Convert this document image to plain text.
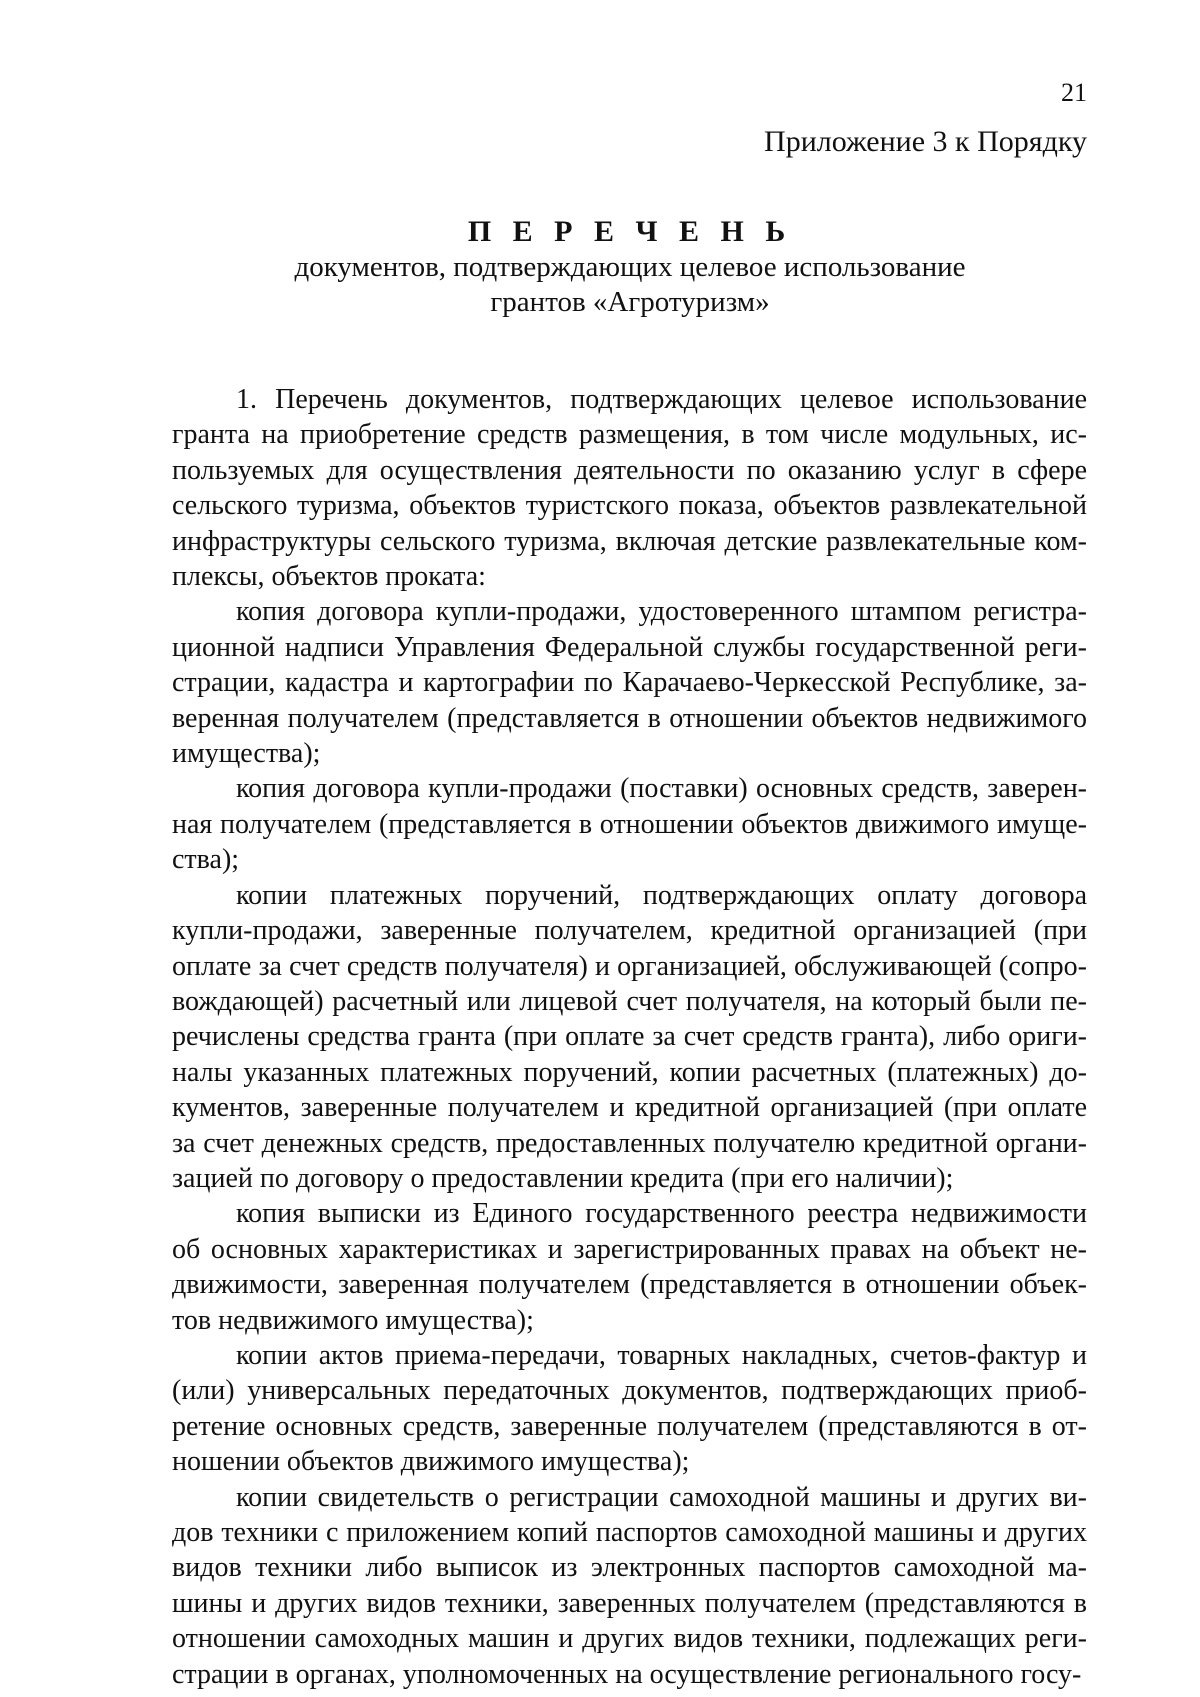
21
Приложение 3 к Порядку
П Е Р Е Ч Е Н Ь
документов, подтверждающих целевое использование
грантов «Агротуризм»

1. Перечень документов, подтверждающих целевое использование гранта на приобретение средств размещения, в том числе модульных, используемых для осуществления деятельности по оказанию услуг в сфере сельского туризма, объектов туристского показа, объектов развлекательной инфраструктуры сельского туризма, включая детские развлекательные комплексы, объектов проката:

копия договора купли-продажи, удостоверенного штампом регистрационной надписи Управления Федеральной службы государственной регистрации, кадастра и картографии по Карачаево-Черкесской Республике, заверенная получателем (представляется в отношении объектов недвижимого имущества);

копия договора купли-продажи (поставки) основных средств, заверенная получателем (представляется в отношении объектов движимого имущества);

копии платежных поручений, подтверждающих оплату договора купли-продажи, заверенные получателем, кредитной организацией (при оплате за счет средств получателя) и организацией, обслуживающей (сопровождающей) расчетный или лицевой счет получателя, на который были перечислены средства гранта (при оплате за счет средств гранта), либо оригиналы указанных платежных поручений, копии расчетных (платежных) документов, заверенные получателем и кредитной организацией (при оплате за счет денежных средств, предоставленных получателю кредитной организацией по договору о предоставлении кредита (при его наличии);

копия выписки из Единого государственного реестра недвижимости об основных характеристиках и зарегистрированных правах на объект недвижимости, заверенная получателем (представляется в отношении объектов недвижимого имущества);

копии актов приема-передачи, товарных накладных, счетов-фактур и (или) универсальных передаточных документов, подтверждающих приобретение основных средств, заверенные получателем (представляются в отношении объектов движимого имущества);

копии свидетельств о регистрации самоходной машины и других видов техники с приложением копий паспортов самоходной машины и других видов техники либо выписок из электронных паспортов самоходной машины и других видов техники, заверенных получателем (представляются в отношении самоходных машин и других видов техники, подлежащих регистрации в органах, уполномоченных на осуществление регионального госу-
